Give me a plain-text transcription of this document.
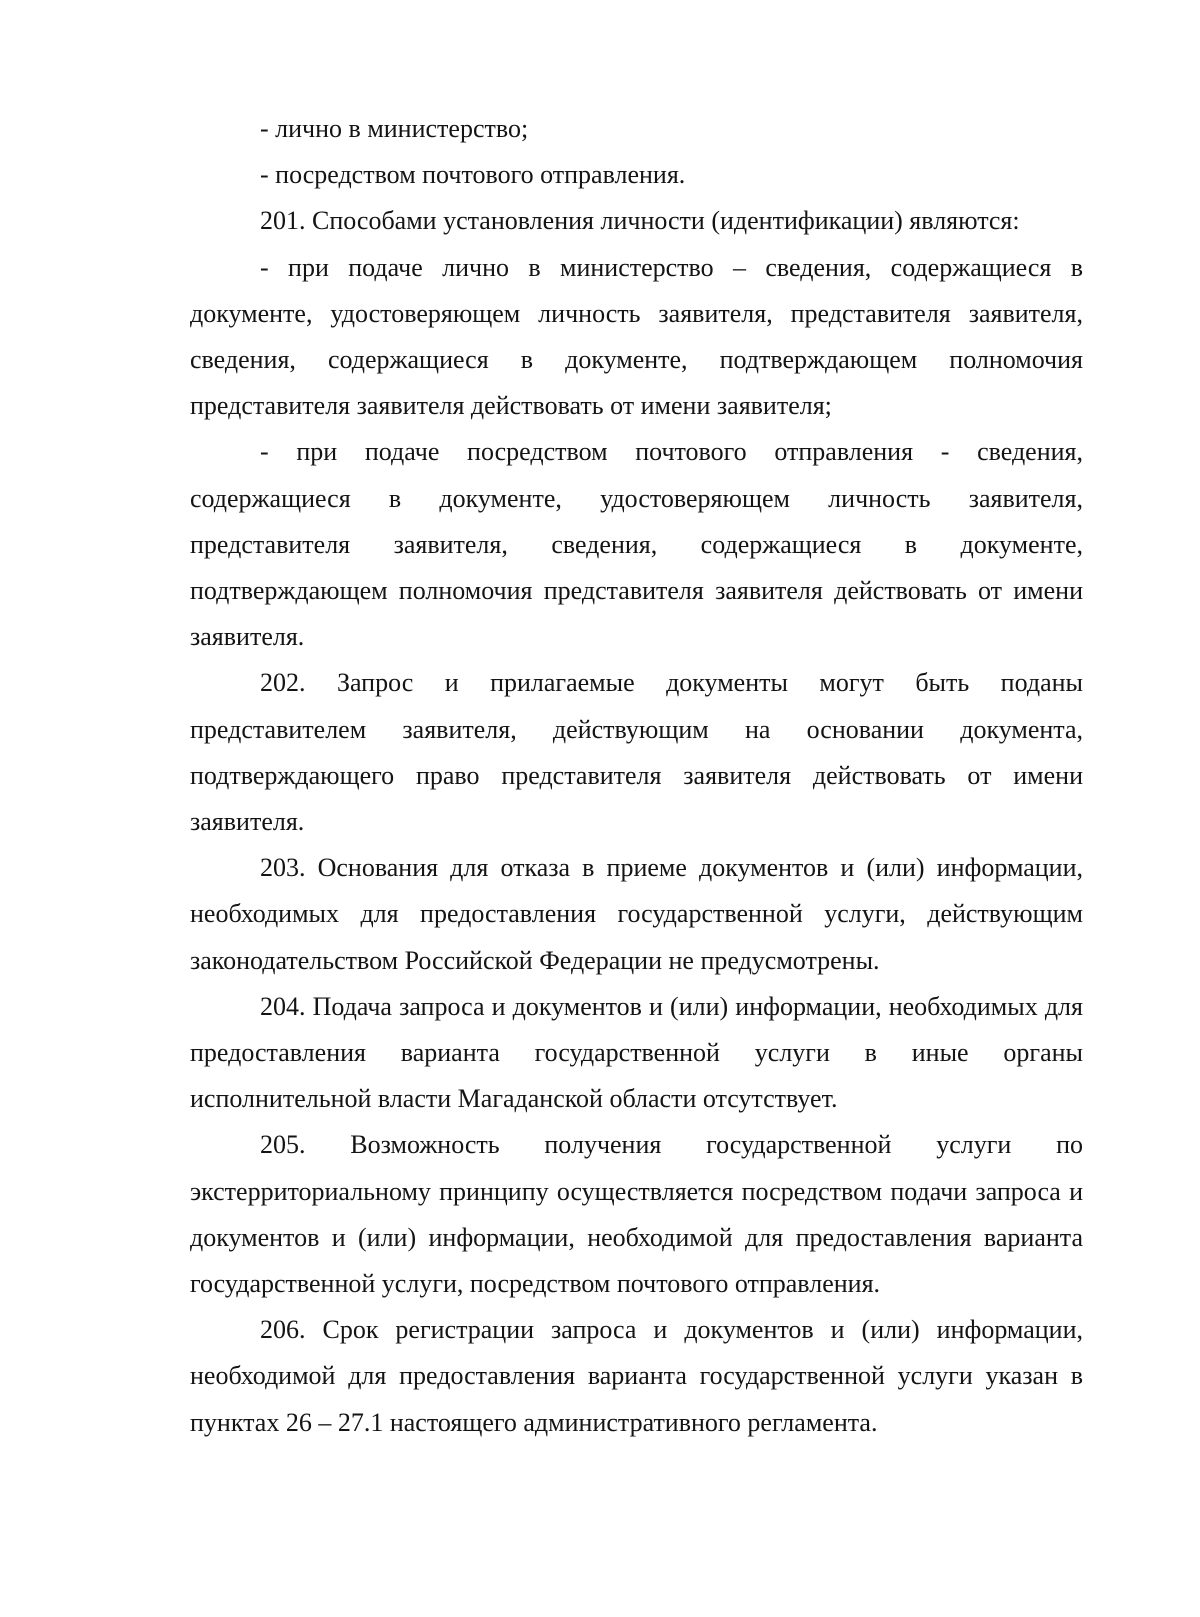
- лично в министерство;

- посредством почтового отправления.

201. Способами установления личности (идентификации) являются:

- при подаче лично в министерство – сведения, содержащиеся в документе, удостоверяющем личность заявителя, представителя заявителя, сведения, содержащиеся в документе, подтверждающем полномочия представителя заявителя действовать от имени заявителя;

- при подаче посредством почтового отправления - сведения, содержащиеся в документе, удостоверяющем личность заявителя, представителя заявителя, сведения, содержащиеся в документе, подтверждающем полномочия представителя заявителя действовать от имени заявителя.

202. Запрос и прилагаемые документы могут быть поданы представителем заявителя, действующим на основании документа, подтверждающего право представителя заявителя действовать от имени заявителя.

203. Основания для отказа в приеме документов и (или) информации, необходимых для предоставления государственной услуги, действующим законодательством Российской Федерации не предусмотрены.

204. Подача запроса и документов и (или) информации, необходимых для предоставления варианта государственной услуги в иные органы исполнительной власти Магаданской области отсутствует.

205. Возможность получения государственной услуги по экстерриториальному принципу осуществляется посредством подачи запроса и документов и (или) информации, необходимой для предоставления варианта государственной услуги, посредством почтового отправления.

206. Срок регистрации запроса и документов и (или) информации, необходимой для предоставления варианта государственной услуги указан в пунктах 26 – 27.1 настоящего административного регламента.
